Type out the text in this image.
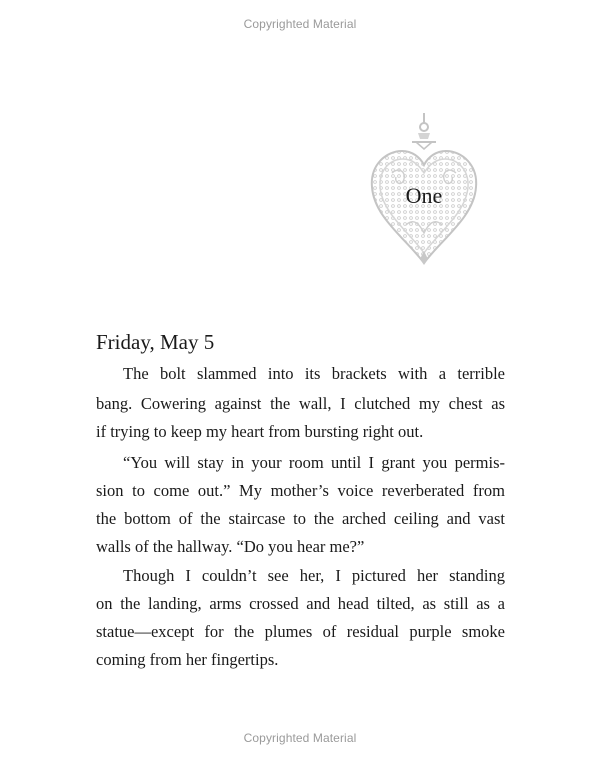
Copyrighted Material
One
Friday, May 5
The bolt slammed into its brackets with a terrible
bang. Cowering against the wall, I clutched my chest as
if trying to keep my heart from bursting right out.
“You will stay in your room until I grant you permis-
sion to come out.” My mother’s voice reverberated from
the bottom of the staircase to the arched ceiling and vast
walls of the hallway. “Do you hear me?”
Though I couldn’t see her, I pictured her standing
on the landing, arms crossed and head tilted, as still as a
statue—except for the plumes of residual purple smoke
coming from her fingertips.
Copyrighted Material
